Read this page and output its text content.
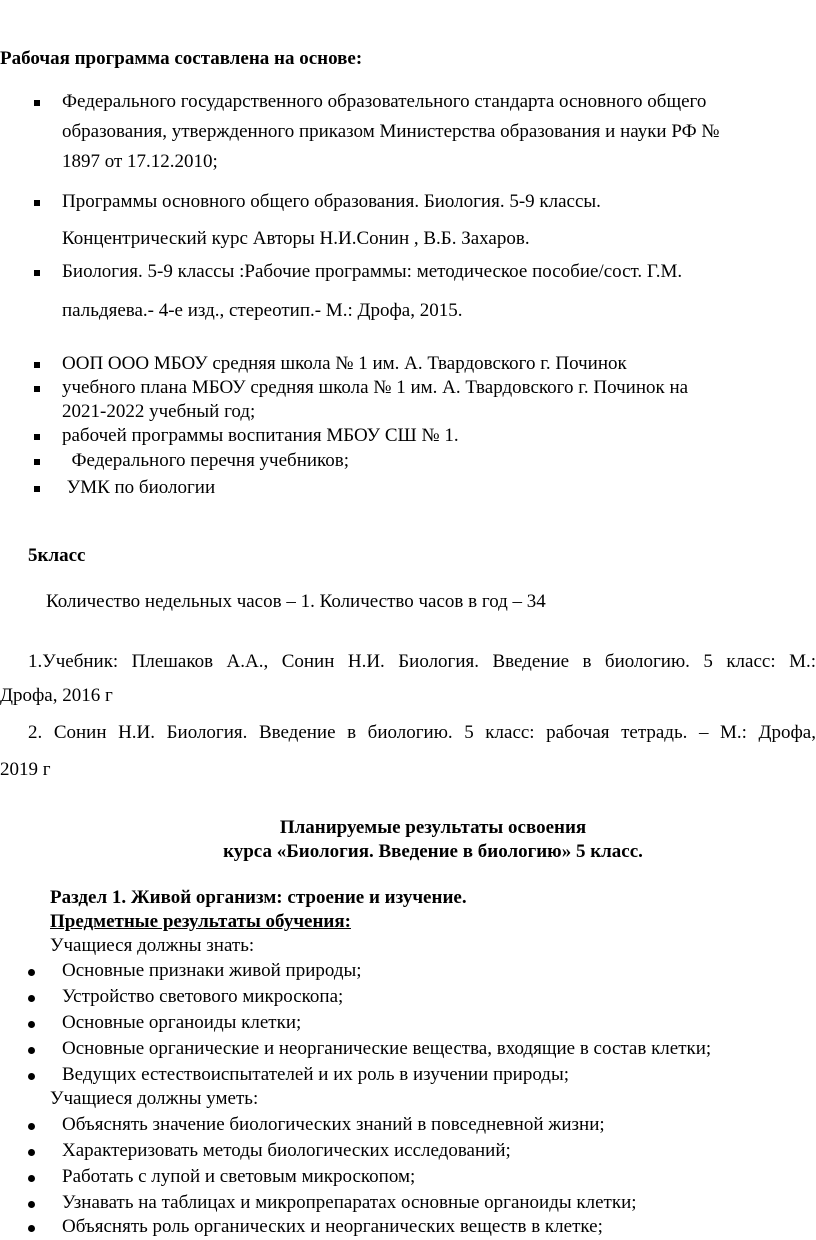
Рабочая программа составлена на основе:
Федерального государственного образовательного стандарта основного общего
образования, утвержденного приказом Министерства образования и науки РФ №
1897 от 17.12.2010;
Программы основного общего образования. Биология. 5-9 классы.
Концентрический курс Авторы Н.И.Сонин , В.Б. Захаров.
Биология. 5-9 классы :Рабочие программы: методическое пособие/сост. Г.М.
пальдяева.- 4-е изд., стереотип.- М.: Дрофа, 2015.
ООП ООО МБОУ средняя школа № 1 им. А. Твардовского г. Починок
учебного плана МБОУ средняя школа № 1 им. А. Твардовского г. Починок на
2021-2022 учебный год;
рабочей программы воспитания МБОУ СШ № 1.
Федерального перечня учебников;
УМК по биологии
5класс
Количество недельных часов – 1. Количество часов в год – 34
1.Учебник: Плешаков А.А., Сонин Н.И. Биология. Введение в биологию. 5 класс: М.:
Дрофа, 2016 г
2. Сонин Н.И. Биология. Введение в биологию. 5 класс: рабочая тетрадь. – М.: Дрофа,
2019 г
Планируемые результаты освоения
курса «Биология. Введение в биологию» 5 класс.
Раздел 1. Живой организм: строение и изучение.
Предметные результаты обучения:
Учащиеся должны знать:
Основные признаки живой природы;
Устройство светового микроскопа;
Основные органоиды клетки;
Основные органические и неорганические вещества, входящие в состав клетки;
Ведущих естествоиспытателей и их роль в изучении природы;
Учащиеся должны уметь:
Объяснять значение биологических знаний в повседневной жизни;
Характеризовать методы биологических исследований;
Работать с лупой и световым микроскопом;
Узнавать на таблицах и микропрепаратах основные органоиды клетки;
Объяснять роль органических и неорганических веществ в клетке;
